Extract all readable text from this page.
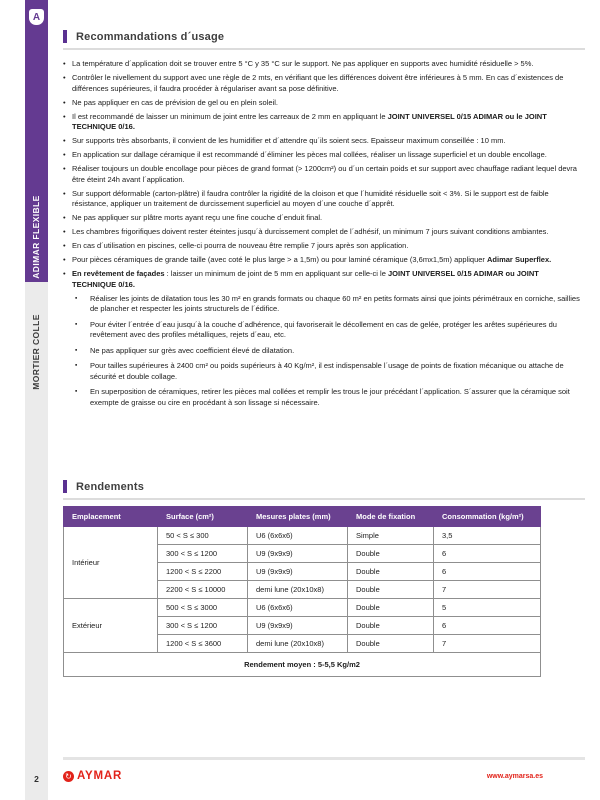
A
ADIMAR FLEXIBLE
MORTIER COLLE
2
Recommandations d´usage
• La température d´application doit se trouver entre 5 °C y 35 °C sur le support. Ne pas appliquer en supports avec humidité résiduelle > 5%.
• Contrôler le nivellement du support avec une règle de 2 mts, en vérifiant que les différences doivent être inférieures à 5 mm. En cas d´existences de différences supérieures, il faudra procéder à régulariser avant sa pose définitive.
• Ne pas appliquer en cas de prévision de gel ou en plein soleil.
• Il est recommandé de laisser un minimum de joint entre les carreaux de 2 mm en appliquant le JOINT UNIVERSEL 0/15 ADIMAR ou le JOINT TECHNIQUE 0/16.
• Sur supports très absorbants, il convient de les humidifier et d´attendre qu´ils soient secs. Epaisseur maximum conseillée : 10 mm.
• En application sur dallage céramique il est recommandé d´éliminer les pèces mal collées, réaliser un lissage superficiel et un double encollage.
• Réaliser toujours un double encollage pour pièces de grand format (> 1200cm²) ou d´un certain poids et sur support avec chauffage radiant lequel devra être éteint 24h avant l´application.
• Sur support déformable (carton-plâtre) il faudra contrôler la rigidité de la cloison et que l´humidité résiduelle soit < 3%. Si le support est de faible résistance, appliquer un traitement de durcissement superficiel au moyen d´une couche d´apprêt.
• Ne pas appliquer sur plâtre morts ayant reçu une fine couche d´enduit final.
• Les chambres frigorifiques doivent rester éteintes jusqu´à durcissement complet de l´adhésif, un minimum 7 jours suivant conditions ambiantes.
• En cas d´utilisation en piscines, celle-ci pourra de nouveau être remplie 7 jours après son application.
• Pour pièces céramiques de grande taille (avec coté le plus large > a 1,5m) ou pour laminé céramique (3,6mx1,5m) appliquer Adimar Superflex.
• En revêtement de façades : laisser un minimum de joint de 5 mm en appliquant sur celle-ci le JOINT UNIVERSEL 0/15 ADIMAR ou JOINT TECHNIQUE 0/16.
▪	Réaliser les joints de dilatation tous les 30 m² en grands formats ou chaque 60 m² en petits formats ainsi que joints périmétraux en corniche, saillies de plancher et respecter les joints structurels de l´édifice.
▪	Pour éviter l´entrée d´eau jusqu´à la couche d´adhérence, qui favoriserait le décollement en cas de gelée, protéger les arêtes supérieures du revêtement avec des profiles métalliques, rejets d´eau, etc.
▪	Ne pas appliquer sur grès avec coefficient élevé de dilatation.
▪	Pour tailles supérieures à 2400 cm² ou poids supérieurs à 40 Kg/m², il est indispensable l´usage de points de fixation mécanique ou attache de sécurité et double collage.
▪	En superposition de céramiques, retirer les pièces mal collées et remplir les trous le jour précédant l´application. S´assurer que la céramique soit exempte de graisse ou cire en procédant à son lissage si nécessaire.
Rendements
Emplacement	Surface (cm²)	Mesures plates (mm)	Mode de fixation	Consommation (kg/m²)
Intérieur	50 < S ≤ 300	U6 (6x6x6)	Simple	3,5
	300 < S ≤ 1200	U9 (9x9x9)	Double	6
	1200 < S ≤ 2200	U9 (9x9x9)	Double	6
	2200 < S ≤ 10000	demi lune (20x10x8)	Double	7
Extérieur	500 < S ≤ 3000	U6 (6x6x6)	Double	5
	300 < S ≤ 1200	U9 (9x9x9)	Double	6
	1200 < S ≤ 3600	demi lune (20x10x8)	Double	7
Rendement moyen : 5-5,5 Kg/m2				
↻ AYMAR	www.aymarsa.es
